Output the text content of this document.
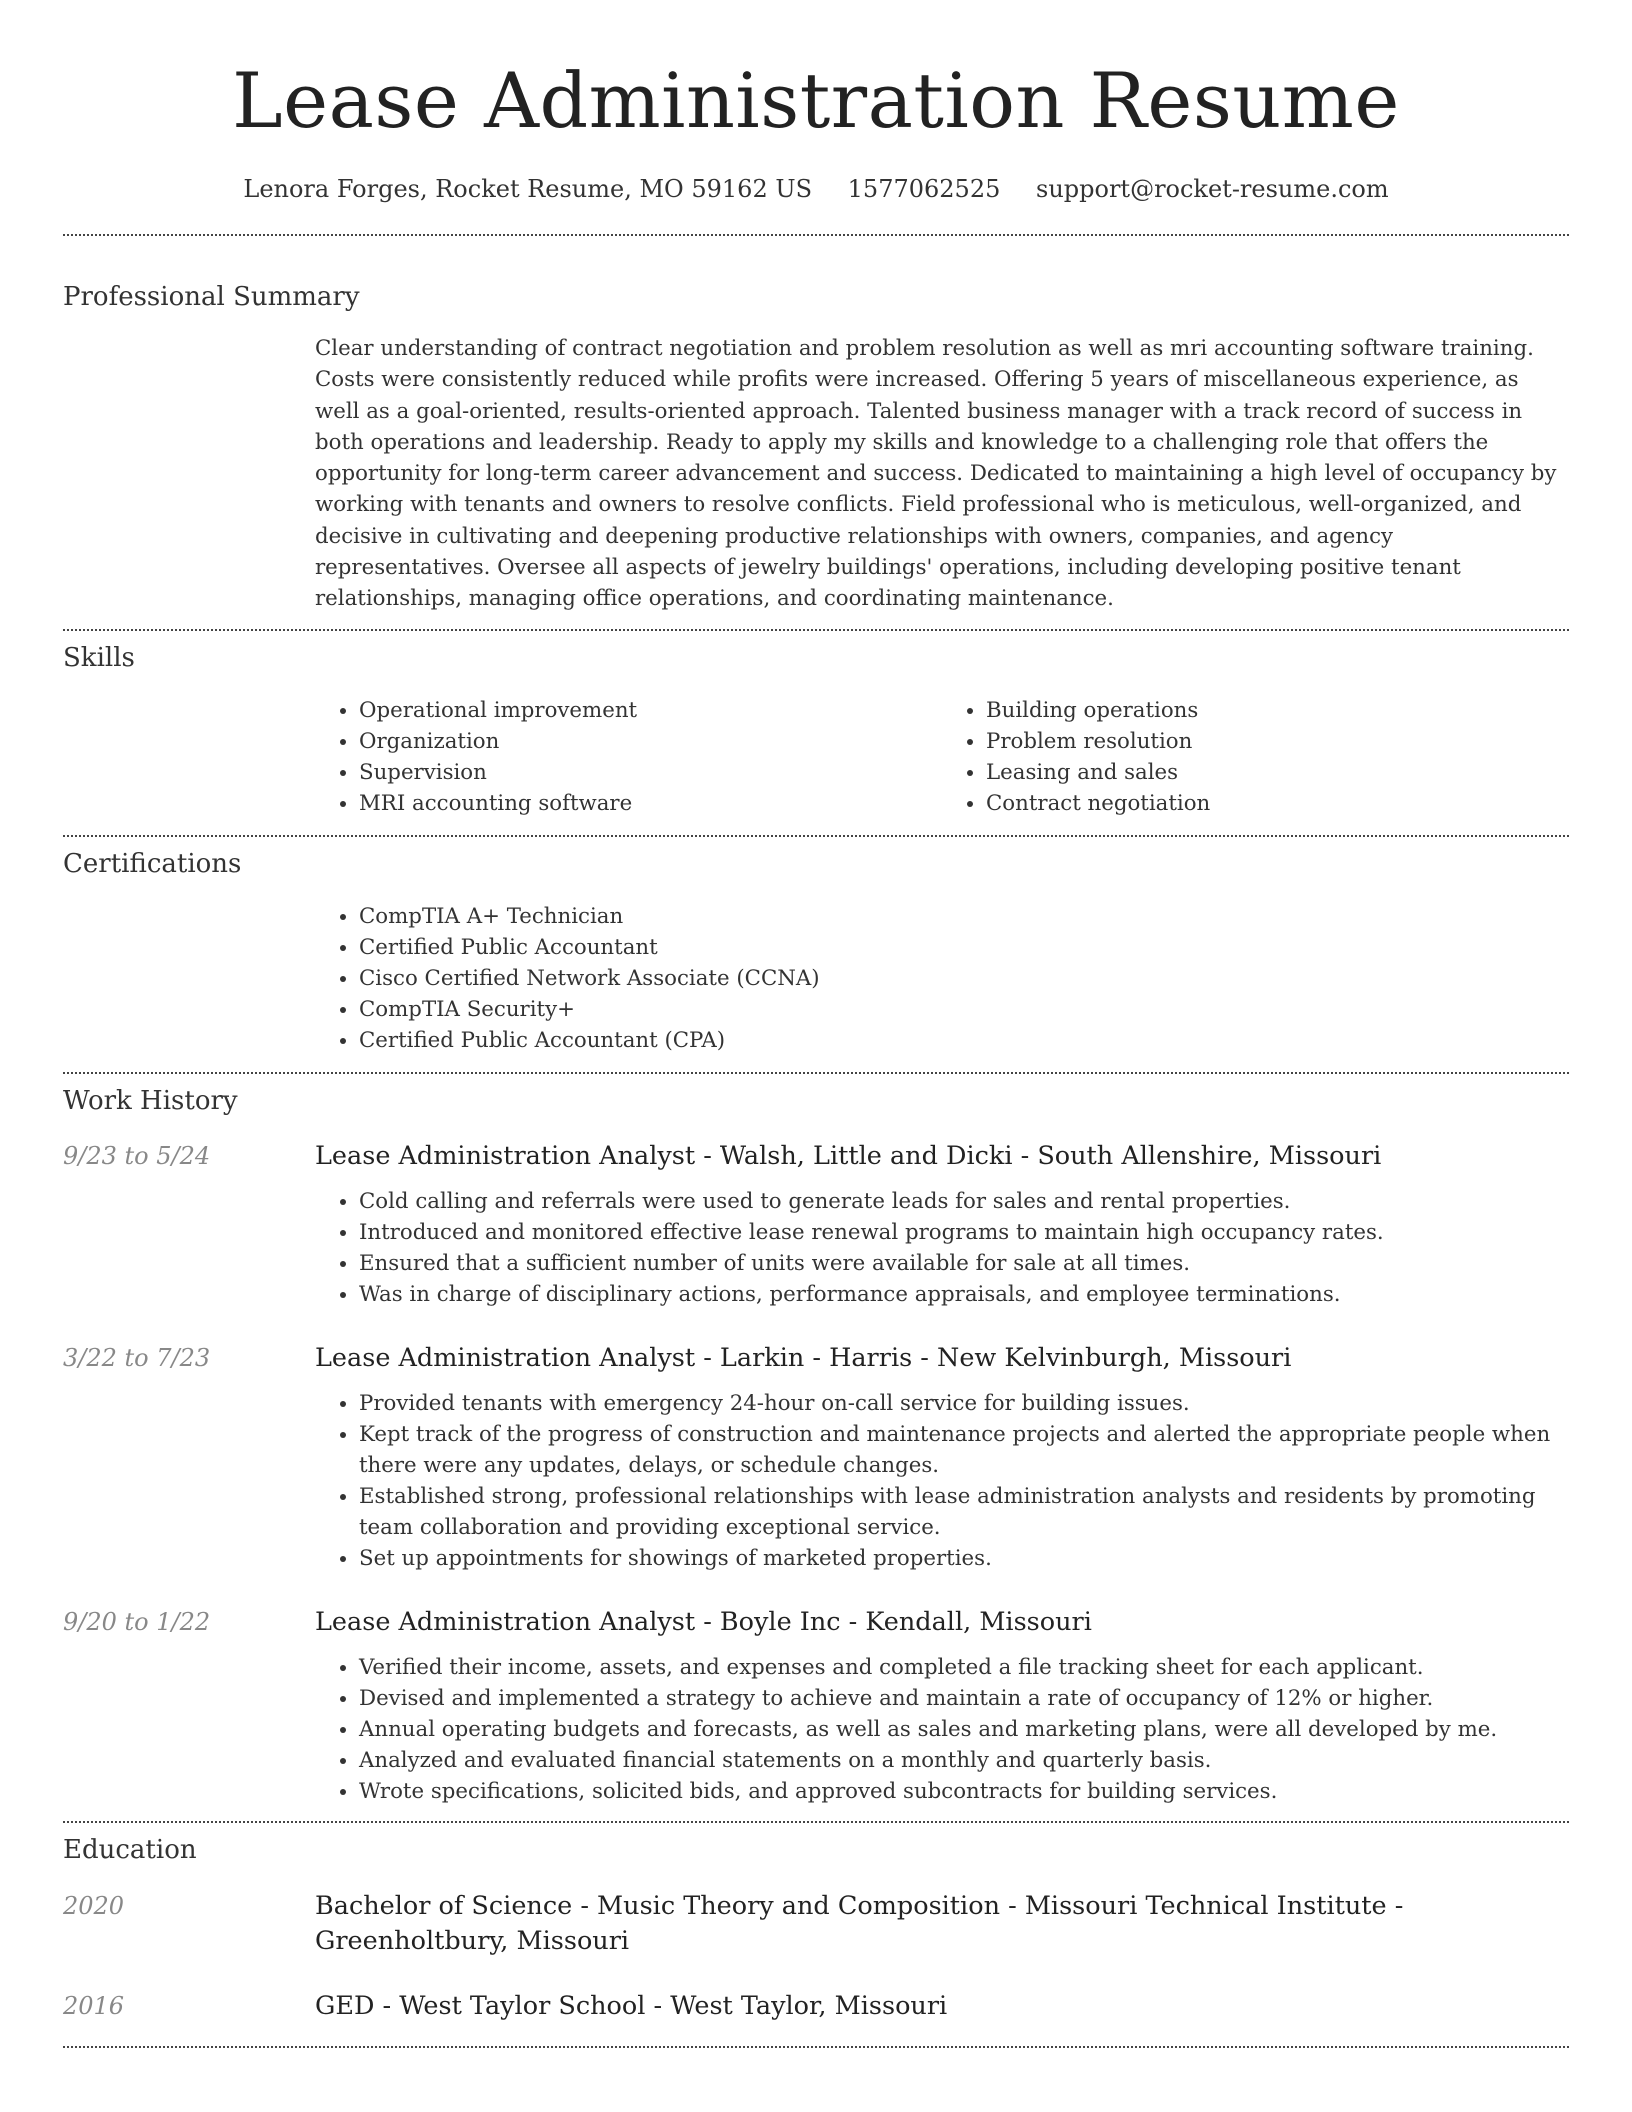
Lease Administration Resume
Lenora Forges, Rocket Resume, MO 59162 US 1577062525 support@rocket-resume.com
Professional Summary

Clear understanding of contract negotiation and problem resolution as well as mri accounting software training. Costs were consistently reduced while profits were increased. Offering 5 years of miscellaneous experience, as well as a goal-oriented, results-oriented approach. Talented business manager with a track record of success in both operations and leadership. Ready to apply my skills and knowledge to a challenging role that offers the opportunity for long-term career advancement and success. Dedicated to maintaining a high level of occupancy by working with tenants and owners to resolve conflicts. Field professional who is meticulous, well-organized, and decisive in cultivating and deepening productive relationships with owners, companies, and agency representatives. Oversee all aspects of jewelry buildings' operations, including developing positive tenant relationships, managing office operations, and coordinating maintenance.

Skills
• Operational improvement
• Organization
• Supervision
• MRI accounting software
• Building operations
• Problem resolution
• Leasing and sales
• Contract negotiation
Certifications
• CompTIA A+ Technician
• Certified Public Accountant
• Cisco Certified Network Associate (CCNA)
• CompTIA Security+
• Certified Public Accountant (CPA)
Work History
9/23 to 5/24	Lease Administration Analyst - Walsh, Little and Dicki - South Allenshire, Missouri

• Cold calling and referrals were used to generate leads for sales and rental properties.
• Introduced and monitored effective lease renewal programs to maintain high occupancy rates.
• Ensured that a sufficient number of units were available for sale at all times.
• Was in charge of disciplinary actions, performance appraisals, and employee terminations.
3/22 to 7/23	Lease Administration Analyst - Larkin - Harris - New Kelvinburgh, Missouri

• Provided tenants with emergency 24-hour on-call service for building issues.
• Kept track of the progress of construction and maintenance projects and alerted the appropriate people when there were any updates, delays, or schedule changes.
• Established strong, professional relationships with lease administration analysts and residents by promoting team collaboration and providing exceptional service.
• Set up appointments for showings of marketed properties.
9/20 to 1/22	Lease Administration Analyst - Boyle Inc - Kendall, Missouri

• Verified their income, assets, and expenses and completed a file tracking sheet for each applicant.
• Devised and implemented a strategy to achieve and maintain a rate of occupancy of 12% or higher.
• Annual operating budgets and forecasts, as well as sales and marketing plans, were all developed by me.
• Analyzed and evaluated financial statements on a monthly and quarterly basis.
• Wrote specifications, solicited bids, and approved subcontracts for building services.
Education
2020	Bachelor of Science - Music Theory and Composition - Missouri Technical Institute - Greenholtbury, Missouri

2016	GED - West Taylor School - West Taylor, Missouri
